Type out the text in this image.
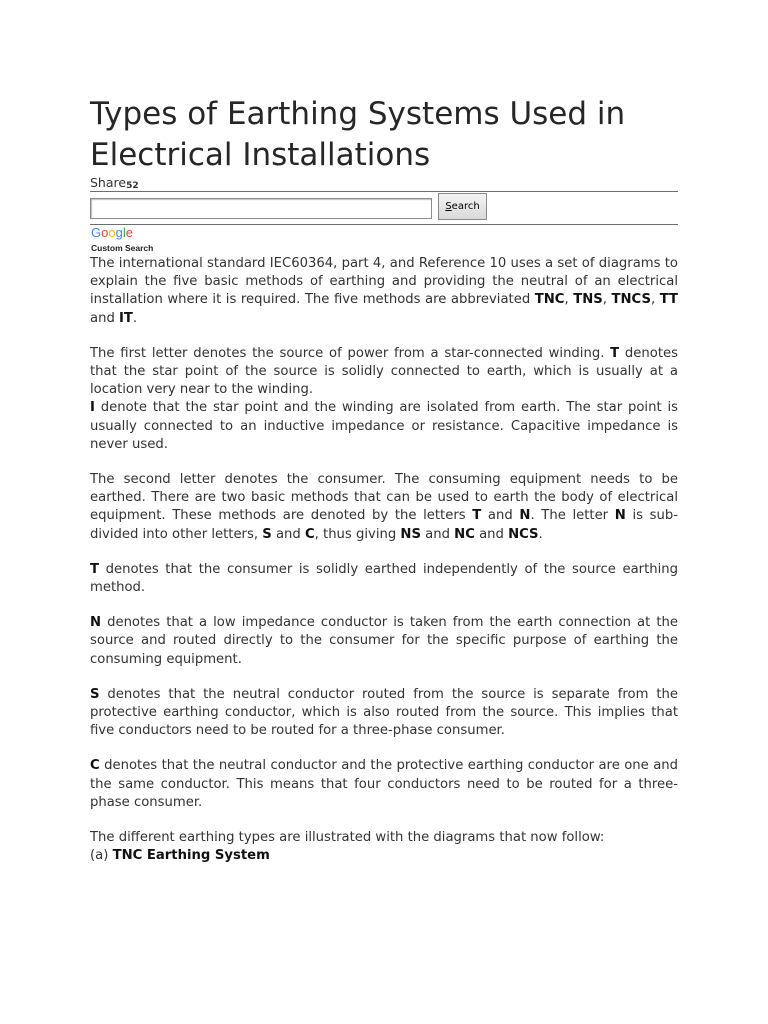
Types of Earthing Systems Used in Electrical Installations
Share52
Search
Google
Custom Search

The international standard IEC60364, part 4, and Reference 10 uses a set of diagrams to explain the five basic methods of earthing and providing the neutral of an electrical installation where it is required. The five methods are abbreviated TNC, TNS, TNCS, TT and IT.

The first letter denotes the source of power from a star-connected winding. T denotes that the star point of the source is solidly connected to earth, which is usually at a location very near to the winding.
I denote that the star point and the winding are isolated from earth. The star point is usually connected to an inductive impedance or resistance. Capacitive impedance is never used.

The second letter denotes the consumer. The consuming equipment needs to be earthed. There are two basic methods that can be used to earth the body of electrical equipment. These methods are denoted by the letters T and N. The letter N is sub-divided into other letters, S and C, thus giving NS and NC and NCS.

T denotes that the consumer is solidly earthed independently of the source earthing method.

N denotes that a low impedance conductor is taken from the earth connection at the source and routed directly to the consumer for the specific purpose of earthing the consuming equipment.

S denotes that the neutral conductor routed from the source is separate from the protective earthing conductor, which is also routed from the source. This implies that five conductors need to be routed for a three-phase consumer.

C denotes that the neutral conductor and the protective earthing conductor are one and the same conductor. This means that four conductors need to be routed for a three-phase consumer.

The different earthing types are illustrated with the diagrams that now follow:

(a) TNC Earthing System
